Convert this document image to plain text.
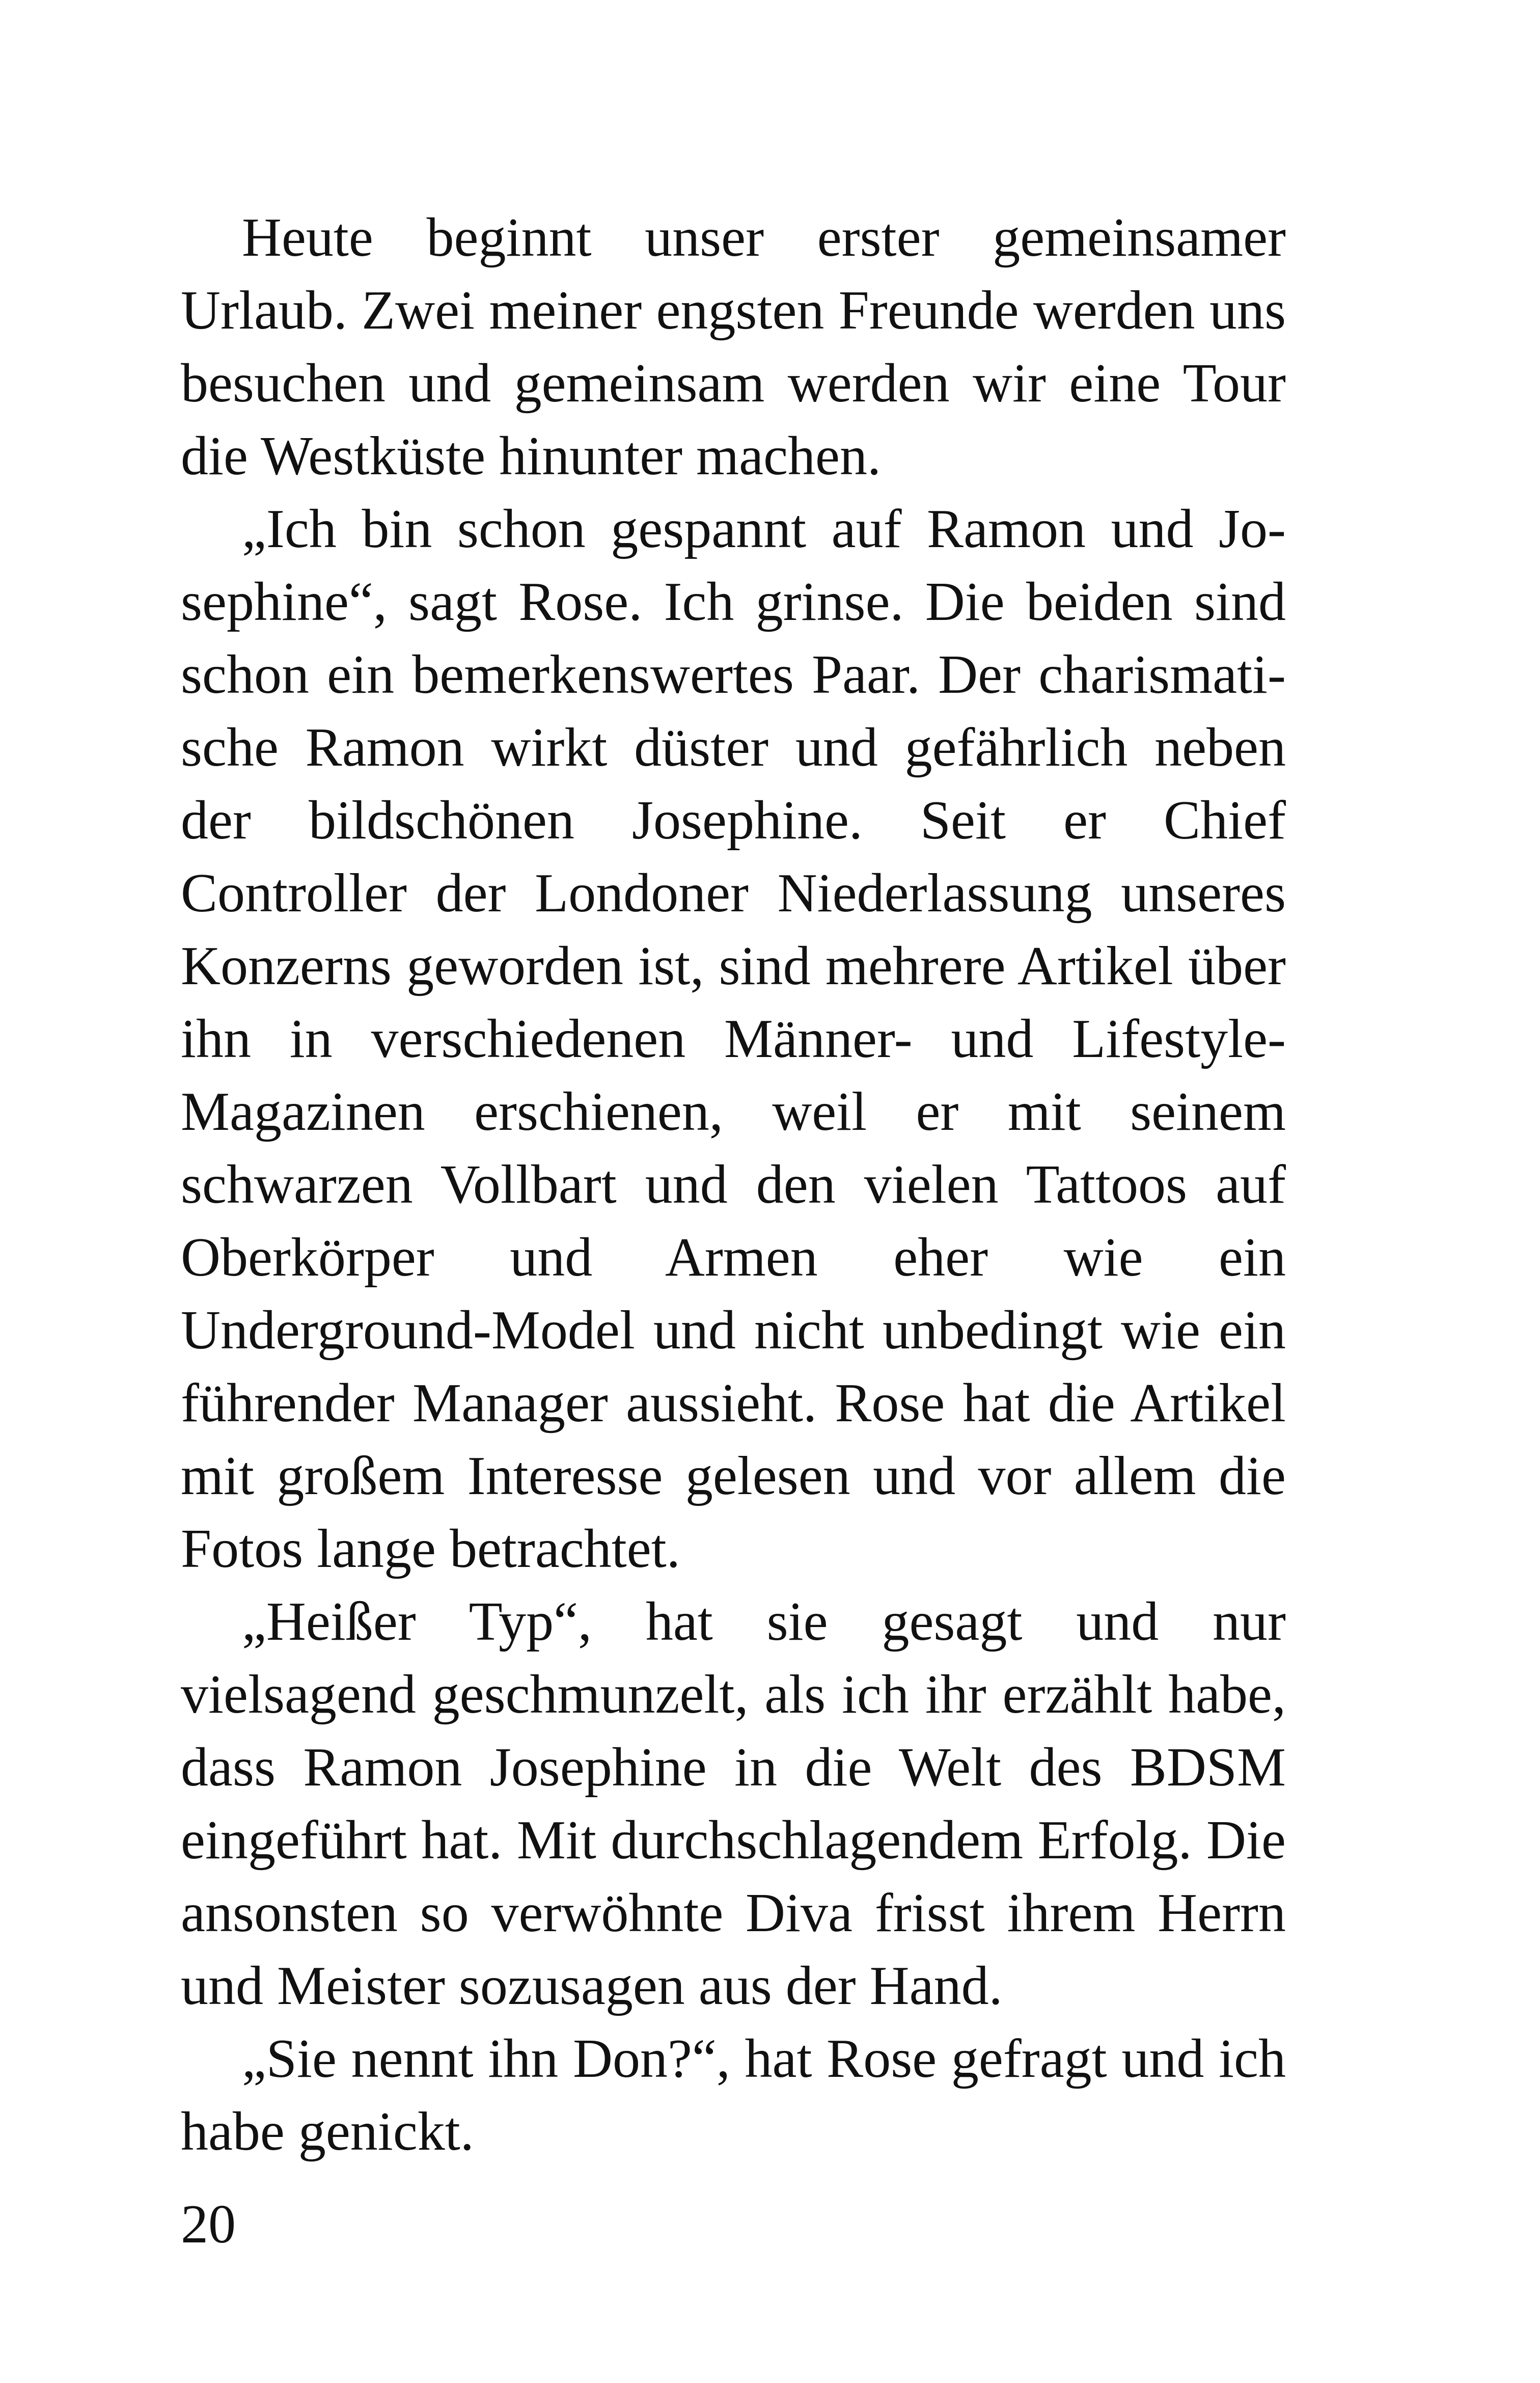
Heute beginnt unser erster gemeinsamer Urlaub. Zwei meiner engsten Freunde werden uns besuchen und gemeinsam werden wir eine Tour die Westküste hinunter machen.

„Ich bin schon gespannt auf Ramon und Josephine“, sagt Rose. Ich grinse. Die beiden sind schon ein bemerkenswertes Paar. Der charismatische Ramon wirkt düster und gefährlich neben der bildschönen Josephine. Seit er Chief Controller der Londoner Niederlassung unseres Konzerns geworden ist, sind mehrere Artikel über ihn in verschiedenen Männer- und Lifestyle-Magazinen erschienen, weil er mit seinem schwarzen Vollbart und den vielen Tattoos auf Oberkörper und Armen eher wie ein Underground-Model und nicht unbedingt wie ein führender Manager aussieht. Rose hat die Artikel mit großem Interesse gelesen und vor allem die Fotos lange betrachtet.

„Heißer Typ“, hat sie gesagt und nur vielsagend geschmunzelt, als ich ihr erzählt habe, dass Ramon Josephine in die Welt des BDSM eingeführt hat. Mit durchschlagendem Erfolg. Die ansonsten so verwöhnte Diva frisst ihrem Herrn und Meister sozusagen aus der Hand.

„Sie nennt ihn Don?“, hat Rose gefragt und ich habe genickt.

20
